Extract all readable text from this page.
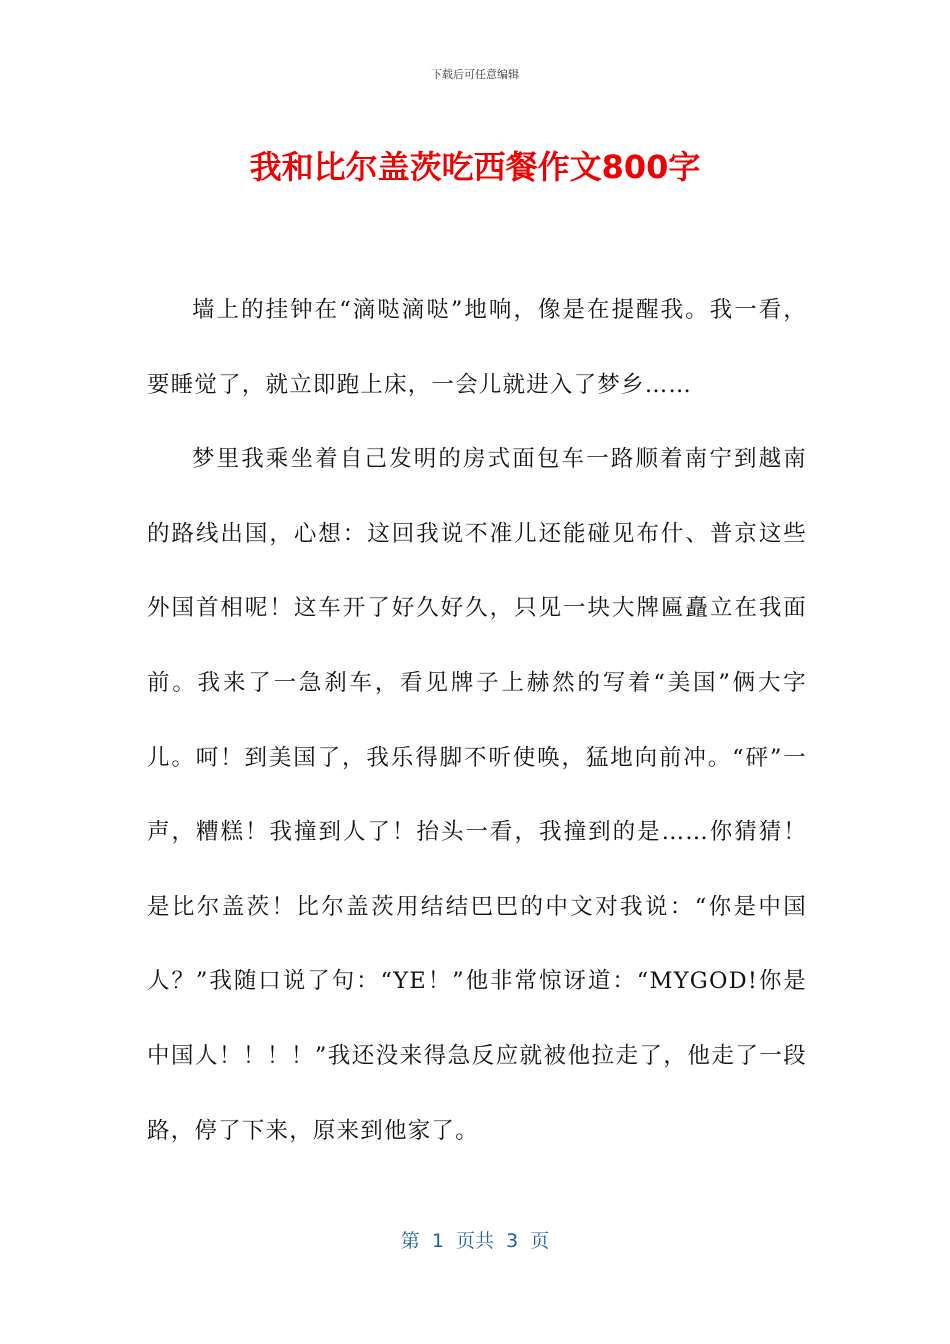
下载后可任意编辑
我和比尔盖茨吃西餐作文800字

墙上的挂钟在“滴哒滴哒”地响，像是在提醒我。我一看，要睡觉了，就立即跑上床，一会儿就进入了梦乡……

梦里我乘坐着自己发明的房式面包车一路顺着南宁到越南的路线出国，心想：这回我说不准儿还能碰见布什、普京这些外国首相呢！这车开了好久好久，只见一块大牌匾矗立在我面前。我来了一急刹车，看见牌子上赫然的写着“美国”俩大字儿。呵！到美国了，我乐得脚不听使唤，猛地向前冲。“砰”一声，糟糕！我撞到人了！抬头一看，我撞到的是……你猜猜！是比尔盖茨！比尔盖茨用结结巴巴的中文对我说：“你是中国人？”我随口说了句：“YE！”他非常惊讶道：“MYGOD!你是中国人！！！！”我还没来得急反应就被他拉走了，他走了一段路，停了下来，原来到他家了。

第  1  页共  3  页
